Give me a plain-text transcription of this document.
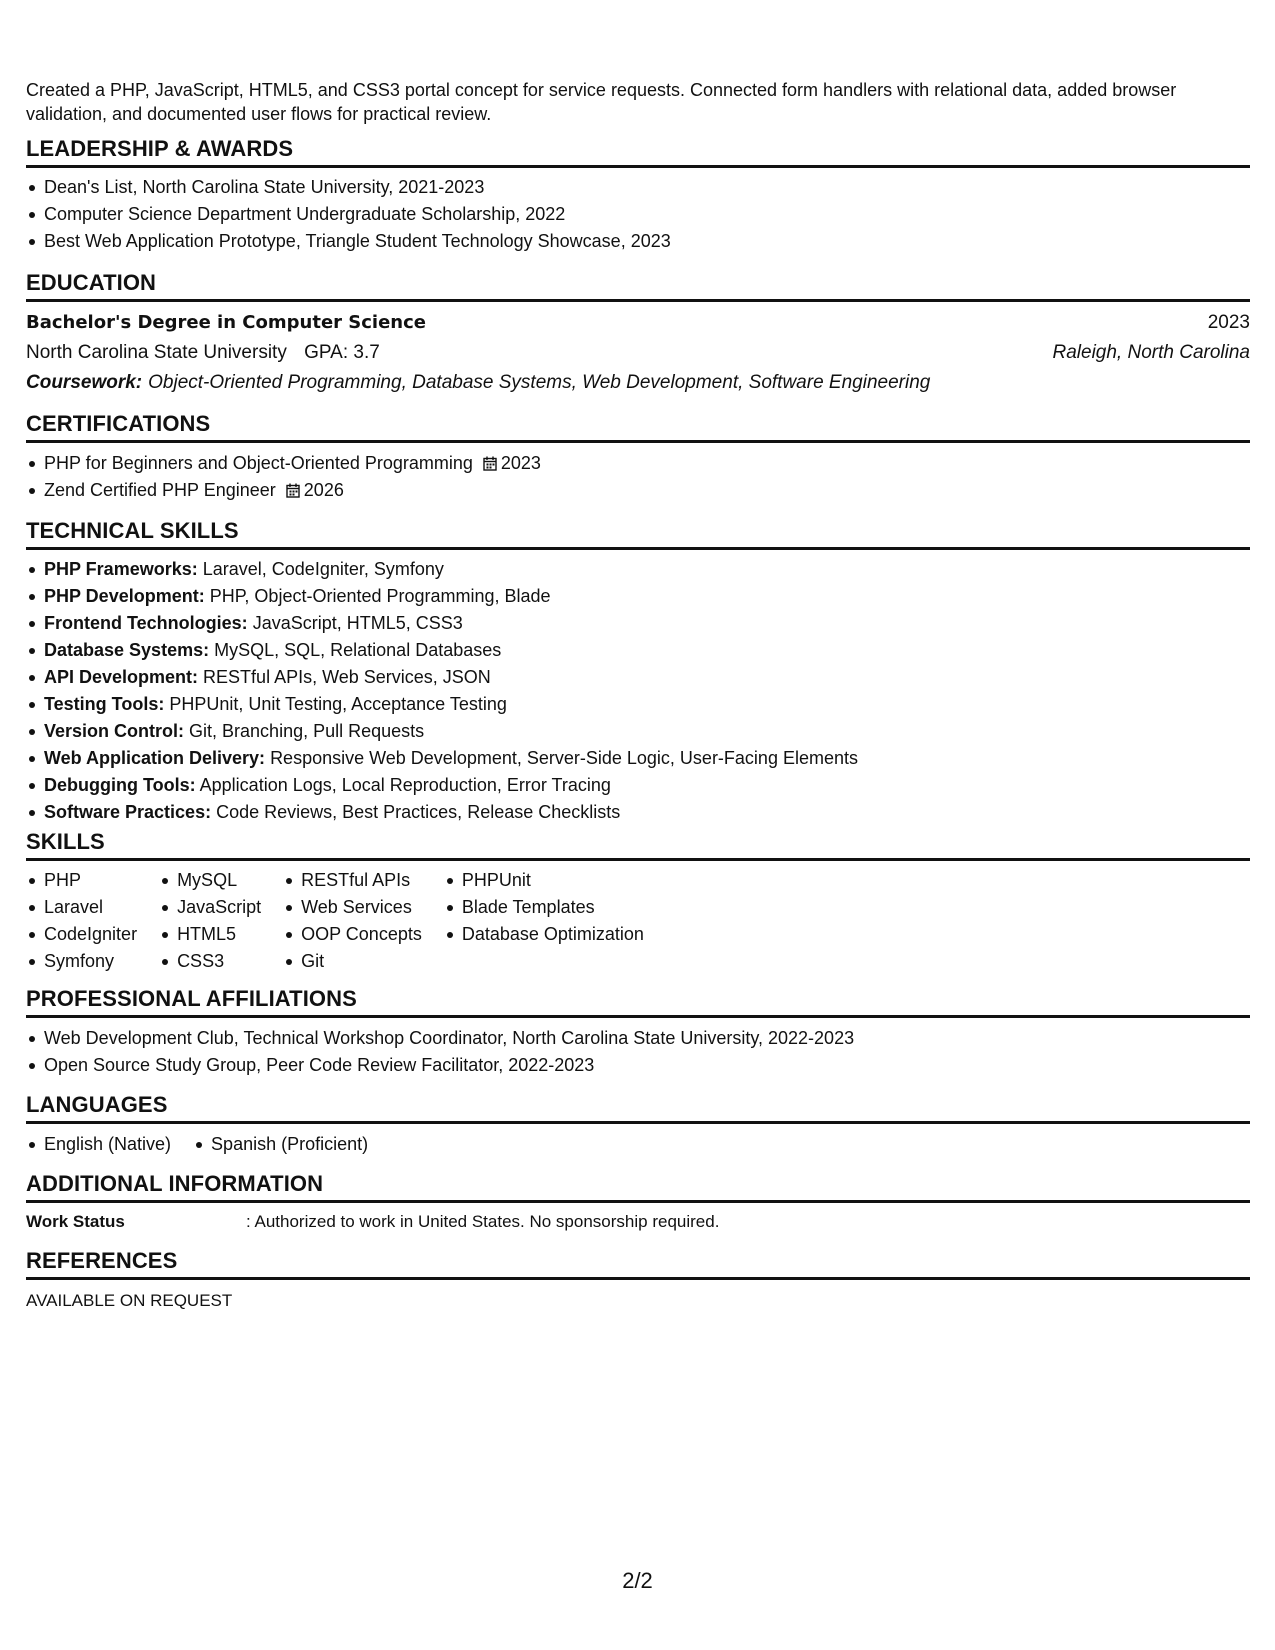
Created a PHP, JavaScript, HTML5, and CSS3 portal concept for service requests. Connected form handlers with relational data, added browser validation, and documented user flows for practical review.
LEADERSHIP & AWARDS
Dean's List, North Carolina State University, 2021-2023
Computer Science Department Undergraduate Scholarship, 2022
Best Web Application Prototype, Triangle Student Technology Showcase, 2023
EDUCATION
Bachelor's Degree in Computer Science	2023
North Carolina State University GPA: 3.7	Raleigh, North Carolina
Coursework: Object-Oriented Programming, Database Systems, Web Development, Software Engineering
CERTIFICATIONS
PHP for Beginners and Object-Oriented Programming 2023
Zend Certified PHP Engineer 2026
TECHNICAL SKILLS
PHP Frameworks: Laravel, CodeIgniter, Symfony
PHP Development: PHP, Object-Oriented Programming, Blade
Frontend Technologies: JavaScript, HTML5, CSS3
Database Systems: MySQL, SQL, Relational Databases
API Development: RESTful APIs, Web Services, JSON
Testing Tools: PHPUnit, Unit Testing, Acceptance Testing
Version Control: Git, Branching, Pull Requests
Web Application Delivery: Responsive Web Development, Server-Side Logic, User-Facing Elements
Debugging Tools: Application Logs, Local Reproduction, Error Tracing
Software Practices: Code Reviews, Best Practices, Release Checklists
SKILLS
PHP
Laravel
CodeIgniter
Symfony
MySQL
JavaScript
HTML5
CSS3
RESTful APIs
Web Services
OOP Concepts
Git
PHPUnit
Blade Templates
Database Optimization
PROFESSIONAL AFFILIATIONS
Web Development Club, Technical Workshop Coordinator, North Carolina State University, 2022-2023
Open Source Study Group, Peer Code Review Facilitator, 2022-2023
LANGUAGES
English (Native)	Spanish (Proficient)
ADDITIONAL INFORMATION
Work Status	: Authorized to work in United States. No sponsorship required.
REFERENCES
AVAILABLE ON REQUEST
2/2
